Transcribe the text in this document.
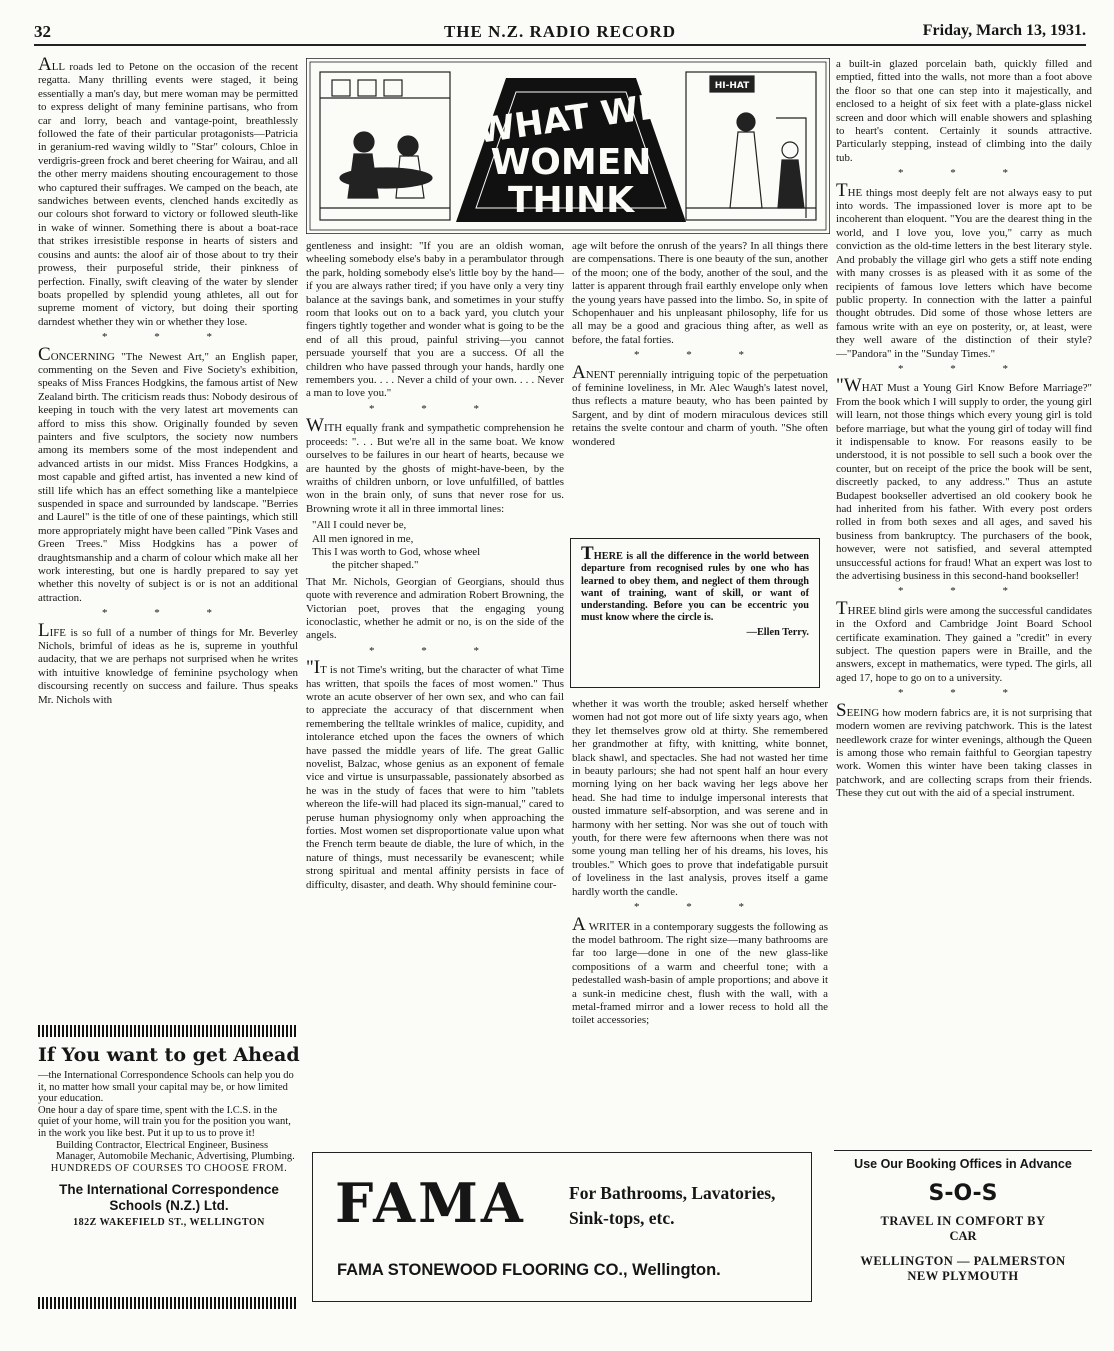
32	THE N.Z. RADIO RECORD	Friday, March 13, 1931.
WHAT WE
WOMEN
THINK
HI-HAT

ALL roads led to Petone on the occasion of the recent regatta. Many thrilling events were staged, it being essentially a man's day, but mere woman may be permitted to express delight of many feminine partisans, who from car and lorry, beach and vantage-point, breathlessly followed the fate of their particular protagonists—Patricia in geranium-red waving wildly to "Star" colours, Chloe in verdigris-green frock and beret cheering for Wairau, and all the other merry maidens shouting encouragement to those who captured their suffrages. We camped on the beach, ate sandwiches between events, clenched hands excitedly as our colours shot forward to victory or followed sleuth-like in wake of winner. Something there is about a boat-race that strikes irresistible response in hearts of sisters and cousins and aunts: the aloof air of those about to try their prowess, their purposeful stride, their pinkness of perfection. Finally, swift cleaving of the water by slender boats propelled by splendid young athletes, all out for supreme moment of victory, but doing their sporting darndest whether they win or whether they lose.

* * *

CONCERNING "The Newest Art," an English paper, commenting on the Seven and Five Society's exhibition, speaks of Miss Frances Hodgkins, the famous artist of New Zealand birth. The criticism reads thus: Nobody desirous of keeping in touch with the very latest art movements can afford to miss this show. Originally founded by seven painters and five sculptors, the society now numbers among its members some of the most independent and advanced artists in our midst. Miss Frances Hodgkins, a most capable and gifted artist, has invented a new kind of still life which has an effect something like a mantelpiece suspended in space and surrounded by landscape. "Berries and Laurel" is the title of one of these paintings, which still more appropriately might have been called "Pink Vases and Green Trees." Miss Hodgkins has a power of draughtsmanship and a charm of colour which make all her work interesting, but one is hardly prepared to say yet whether this novelty of subject is or is not an additional attraction.

* * *

LIFE is so full of a number of things for Mr. Beverley Nichols, brimful of ideas as he is, supreme in youthful audacity, that we are perhaps not surprised when he writes with intuitive knowledge of feminine psychology when discoursing recently on success and failure. Thus speaks Mr. Nichols with

If You want to get Ahead
—the International Correspondence Schools can help you do it, no matter how small your capital may be, or how limited your education.
One hour a day of spare time, spent with the I.C.S. in the quiet of your home, will train you for the position you want, in the work you like best. Put it up to us to prove it!
Building Contractor, Electrical Engineer, Business Manager, Automobile Mechanic, Advertising, Plumbing.
HUNDREDS OF COURSES TO CHOOSE FROM.
The International Correspondence Schools (N.Z.) Ltd.
182Z WAKEFIELD ST., WELLINGTON

gentleness and insight: "If you are an oldish woman, wheeling somebody else's baby in a perambulator through the park, holding somebody else's little boy by the hand—if you are always rather tired; if you have only a very tiny balance at the savings bank, and sometimes in your stuffy room that looks out on to a back yard, you clutch your fingers tightly together and wonder what is going to be the end of all this proud, painful striving—you cannot persuade yourself that you are a success. Of all the children who have passed through your hands, hardly one remembers you. . . . Never a child of your own. . . . Never a man to love you."

* * *

WITH equally frank and sympathetic comprehension he proceeds: ". . . But we're all in the same boat. We know ourselves to be failures in our heart of hearts, because we are haunted by the ghosts of might-have-been, by the wraiths of children unborn, or love unfulfilled, of battles won in the brain only, of suns that never rose for us. Browning wrote it all in three immortal lines:

"All I could never be,
All men ignored in me,
This I was worth to God, whose wheel
the pitcher shaped."

That Mr. Nichols, Georgian of Georgians, should thus quote with reverence and admiration Robert Browning, the Victorian poet, proves that the engaging young iconoclastic, whether he admit or no, is on the side of the angels.

* * *

"IT is not Time's writing, but the character of what Time has written, that spoils the faces of most women." Thus wrote an acute observer of her own sex, and who can fail to appreciate the accuracy of that discernment when remembering the telltale wrinkles of malice, cupidity, and intolerance etched upon the faces the owners of which have passed the middle years of life. The great Gallic novelist, Balzac, whose genius as an exponent of female vice and virtue is unsurpassable, passionately absorbed as he was in the study of faces that were to him "tablets whereon the life-will had placed its sign-manual," cared to peruse human physiognomy only when approaching the forties. Most women set disproportionate value upon what the French term beaute de diable, the lure of which, in the nature of things, must necessarily be evanescent; while strong spiritual and mental affinity persists in face of difficulty, disaster, and death. Why should feminine cour-

age wilt before the onrush of the years? In all things there are compensations. There is one beauty of the sun, another of the moon; one of the body, another of the soul, and the latter is apparent through frail earthly envelope only when the young years have passed into the limbo. So, in spite of Schopenhauer and his unpleasant philosophy, life for us all may be a good and gracious thing after, as well as before, the fatal forties.

* * *

ANENT perennially intriguing topic of the perpetuation of feminine loveliness, in Mr. Alec Waugh's latest novel, thus reflects a mature beauty, who has been painted by Sargent, and by dint of modern miraculous devices still retains the svelte contour and charm of youth. "She often wondered

THERE is all the difference in the world between departure from recognised rules by one who has learned to obey them, and neglect of them through want of training, want of skill, or want of understanding. Before you can be eccentric you must know where the circle is.
—Ellen Terry.

whether it was worth the trouble; asked herself whether women had not got more out of life sixty years ago, when they let themselves grow old at thirty. She remembered her grandmother at fifty, with knitting, white bonnet, black shawl, and spectacles. She had not wasted her time in beauty parlours; she had not spent half an hour every morning lying on her back waving her legs above her head. She had time to indulge impersonal interests that ousted immature self-absorption, and was serene and in harmony with her setting. Nor was she out of touch with youth, for there were few afternoons when there was not some young man telling her of his dreams, his loves, his troubles." Which goes to prove that indefatigable pursuit of loveliness in the last analysis, proves itself a game hardly worth the candle.

* * *

A WRITER in a contemporary suggests the following as the model bathroom. The right size—many bathrooms are far too large—done in one of the new glass-like compositions of a warm and cheerful tone; with a pedestalled wash-basin of ample proportions; and above it a sunk-in medicine chest, flush with the wall, with a metal-framed mirror and a lower recess to hold all the toilet accessories;

a built-in glazed porcelain bath, quickly filled and emptied, fitted into the walls, not more than a foot above the floor so that one can step into it majestically, and enclosed to a height of six feet with a plate-glass nickel screen and door which will enable showers and splashing to heart's content. Certainly it sounds attractive. Particularly stepping, instead of climbing into the daily tub.

* * *

THE things most deeply felt are not always easy to put into words. The impassioned lover is more apt to be incoherent than eloquent. "You are the dearest thing in the world, and I love you, love you," carry as much conviction as the old-time letters in the best literary style. And probably the village girl who gets a stiff note ending with many crosses is as pleased with it as some of the recipients of famous love letters which have become public property. In connection with the latter a painful thought obtrudes. Did some of those whose letters are famous write with an eye on posterity, or, at least, were they well aware of the distinction of their style?—"Pandora" in the "Sunday Times."

* * *

"WHAT Must a Young Girl Know Before Marriage?" From the book which I will supply to order, the young girl will learn, not those things which every young girl is told before marriage, but what the young girl of today will find it indispensable to know. For reasons easily to be understood, it is not possible to sell such a book over the counter, but on receipt of the price the book will be sent, discreetly packed, to any address." Thus an astute Budapest bookseller advertised an old cookery book he had inherited from his father. With every post orders rolled in from both sexes and all ages, and saved his business from bankruptcy. The purchasers of the book, however, were not satisfied, and several attempted unsuccessful actions for fraud! What an expert was lost to the advertising business in this second-hand bookseller!

* * *

THREE blind girls were among the successful candidates in the Oxford and Cambridge Joint Board School certificate examination. They gained a "credit" in every subject. The question papers were in Braille, and the answers, except in mathematics, were typed. The girls, all aged 17, hope to go on to a university.

* * *

SEEING how modern fabrics are, it is not surprising that modern women are reviving patchwork. This is the latest needlework craze for winter evenings, although the Queen is among those who remain faithful to Georgian tapestry work. Women this winter have been taking classes in patchwork, and are collecting scraps from their friends. These they cut out with the aid of a special instrument.

FAMA For Bathrooms, Lavatories,
Sink-tops, etc.
FAMA STONEWOOD FLOORING CO., Wellington.
Use Our Booking Offices in Advance
S-O-S
TRAVEL IN COMFORT BY
CAR
WELLINGTON — PALMERSTON
NEW PLYMOUTH
